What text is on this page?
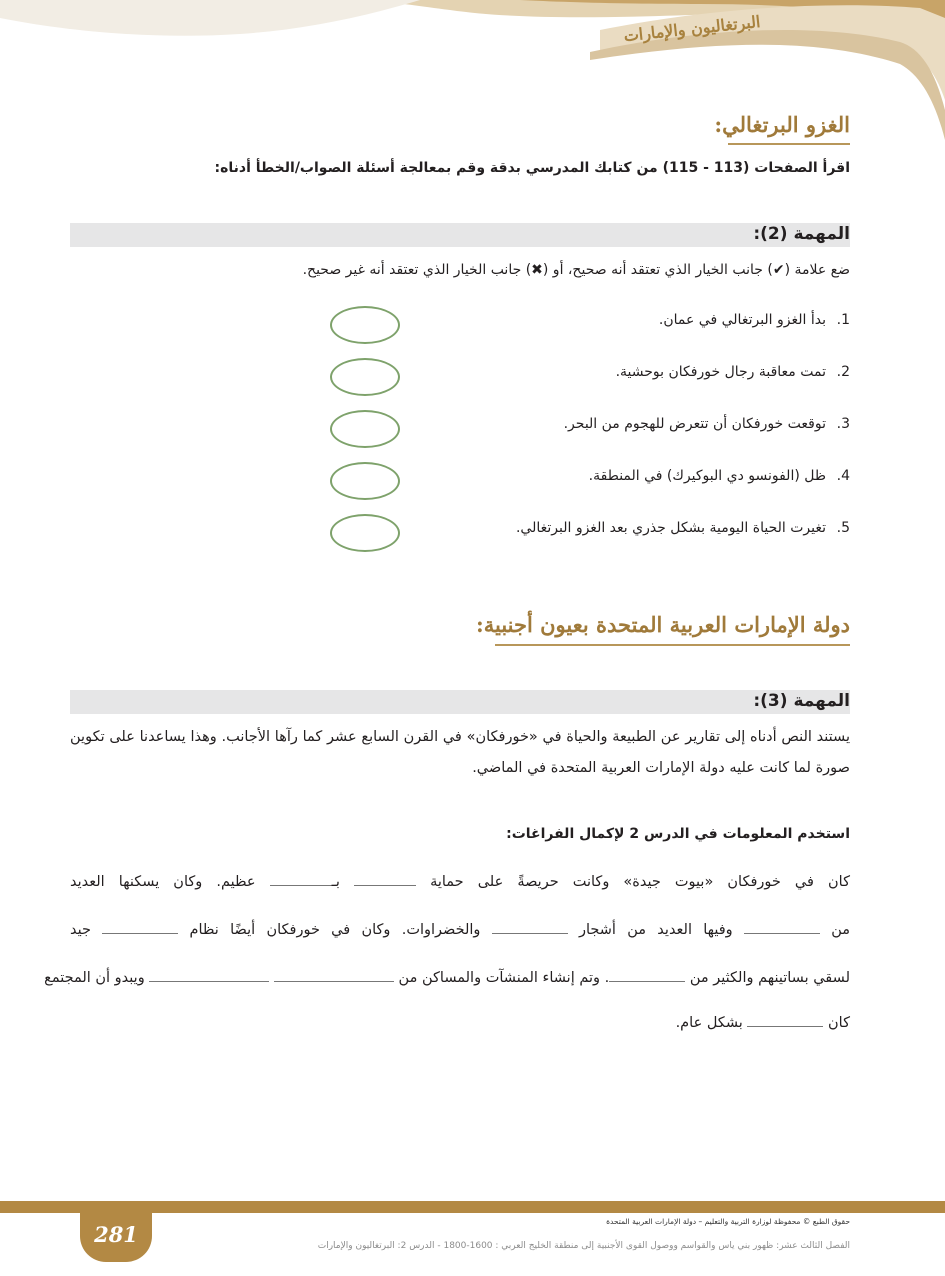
البرتغاليون والإمارات
الغزو البرتغالي:
اقرأ الصفحات (113 - 115) من كتابك المدرسي بدقة وقم بمعالجة أسئلة الصواب/الخطأ أدناه:
المهمة (2):
ضع علامة (✔) جانب الخيار الذي تعتقد أنه صحيح، أو (✖) جانب الخيار الذي تعتقد أنه غير صحيح.
1.بدأ الغزو البرتغالي في عمان.
2.تمت معاقبة رجال خورفكان بوحشية.
3.توقعت خورفكان أن تتعرض للهجوم من البحر.
4.ظل (الفونسو دي البوكيرك) في المنطقة.
5.تغيرت الحياة اليومية بشكل جذري بعد الغزو البرتغالي.
دولة الإمارات العربية المتحدة بعيون أجنبية:
المهمة (3):
يستند النص أدناه إلى تقارير عن الطبيعة والحياة في «خورفكان» في القرن السابع عشر كما رآها الأجانب. وهذا يساعدنا على تكوين صورة لما كانت عليه دولة الإمارات العربية المتحدة في الماضي.
استخدم المعلومات في الدرس 2 لإكمال الفراغات:
كان في خورفكان «بيوت جيدة» وكانت حريصةً على حماية  بـ عظيم. وكان يسكنها العديد
من  وفيها العديد من أشجار  والخضراوات. وكان في خورفكان أيضًا نظام  جيد
لسقي بساتينهم والكثير من . وتم إنشاء المنشآت والمساكن من   ويبدو أن المجتمع
كان  بشكل عام.
281	حقوق الطبع © محفوظة لوزارة التربية والتعليم – دولة الإمارات العربية المتحدة
الفصل الثالث عشر: ظهور بني ياس والقواسم ووصول القوى الأجنبية إلى منطقة الخليج العربي : 1600-1800 - الدرس 2: البرتغاليون والإمارات
